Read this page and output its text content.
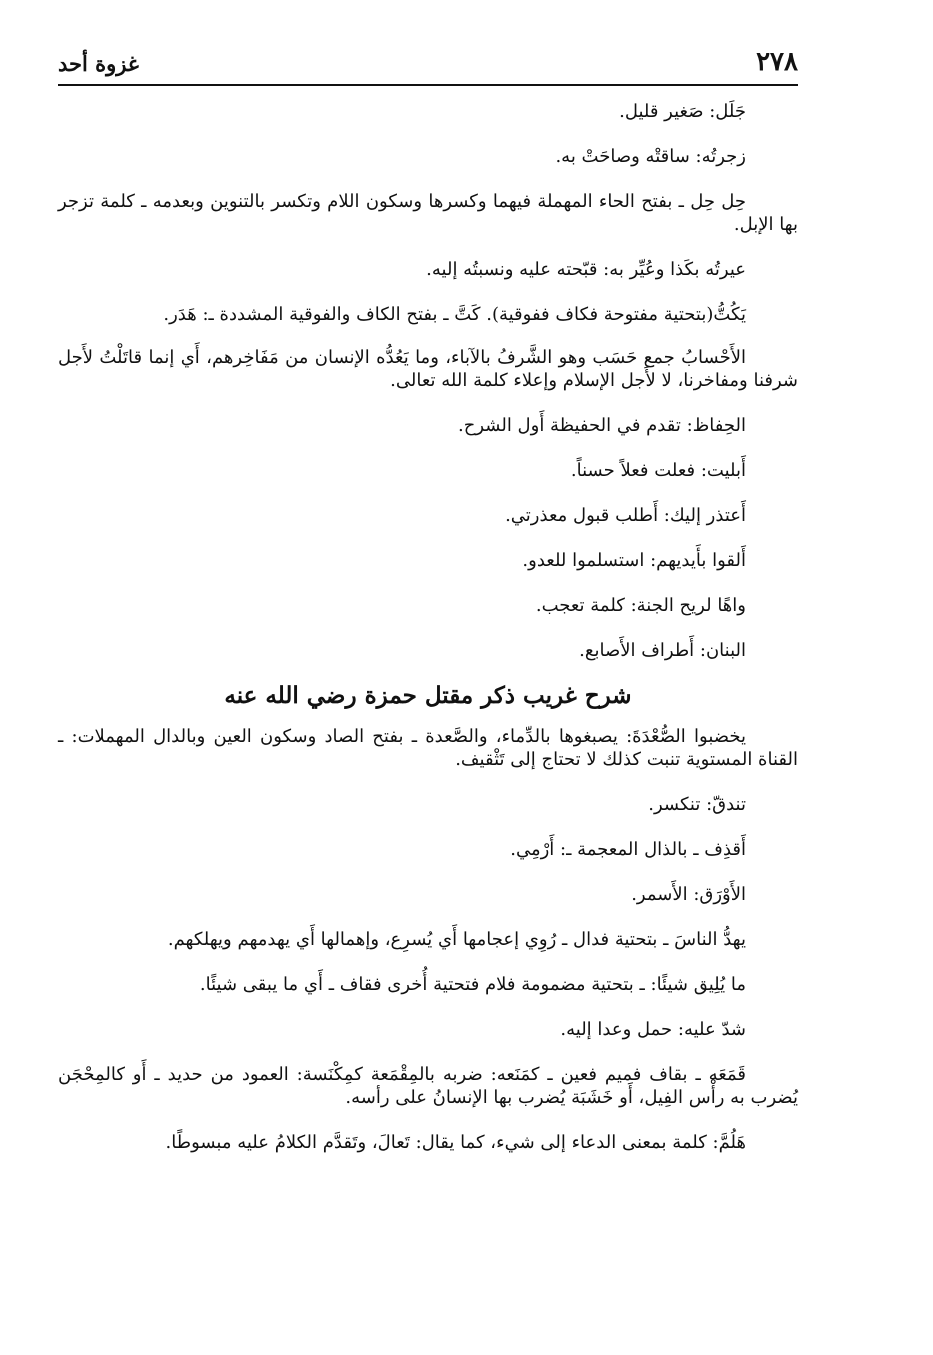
٢٧٨
غزوة أحد

جَلَل: صَغير قليل.

زجرتُه: ساقتْه وصاحَتْ به.

حِل حِل ـ بفتح الحاء المهملة فيهما وكسرها وسكون اللام وتكسر بالتنوين وبعدمه ـ كلمة تزجر بها الإبل.

عيرتُه بكَذا وعُيِّر به: قبّحته عليه ونسبتُه إليه.

يَكُتُّ(بتحتية مفتوحة فكاف ففوقية). كَتَّ ـ بفتح الكاف والفوقية المشددة ـ: هَدَر.

الأَحْسابُ جمع حَسَب وهو الشَّرفُ بالآباء، وما يَعُدُّه الإنسان من مَفَاخِرهم، أَي إنما قاتَلْتُ لأَجل شرفنا ومفاخرنا، لا لأَجل الإسلام وإعلاء كلمة الله تعالى.

الحِفاظ: تقدم في الحفيظة أَول الشرح.

أَبليت: فعلت فعلاً حسناً.

أَعتذر إليك: أَطلب قبول معذرتي.

أَلقوا بأَيديهم: استسلموا للعدو.

واهًا لريح الجنة: كلمة تعجب.

البنان: أَطراف الأَصابع.

شرح غريب ذكر مقتل حمزة رضي الله عنه

يخضبوا الصُّعْدَةَ: يصبغوها بالدِّماء، والصَّعدة ـ بفتح الصاد وسكون العين وبالدال المهملات: ـ القناة المستوية تنبت كذلك لا تحتاج إلى تَثْقيف.

تندقّ: تنكسر.

أَقذِف ـ بالذال المعجمة ـ: أَرْمِي.

الأَوْرَق: الأَسمر.

يهدُّ الناسَ ـ بتحتية فدال ـ رُوِي إعجامها أَي يُسرِع، وإهمالها أَي يهدمهم ويهلكهم.

ما يُلِيق شيئًا: ـ بتحتية مضمومة فلام فتحتية أُخرى فقاف ـ أَي ما يبقى شيئًا.

شدّ عليه: حمل وعدا إليه.

قَمَعَه ـ بقاف فميم فعين ـ كمَنَعه: ضربه بالمِقْمَعة كمِكْنَسة: العمود من حديد ـ أَو كالمِحْجَن يُضرب به رأْس الفِيل، أَو خَشَبَة يُضرب بها الإنسانُ على رأسه.

هَلُمَّ: كلمة بمعنى الدعاء إلى شيء، كما يقال: تَعالَ، وتَقدَّم الكلامُ عليه مبسوطًا.
